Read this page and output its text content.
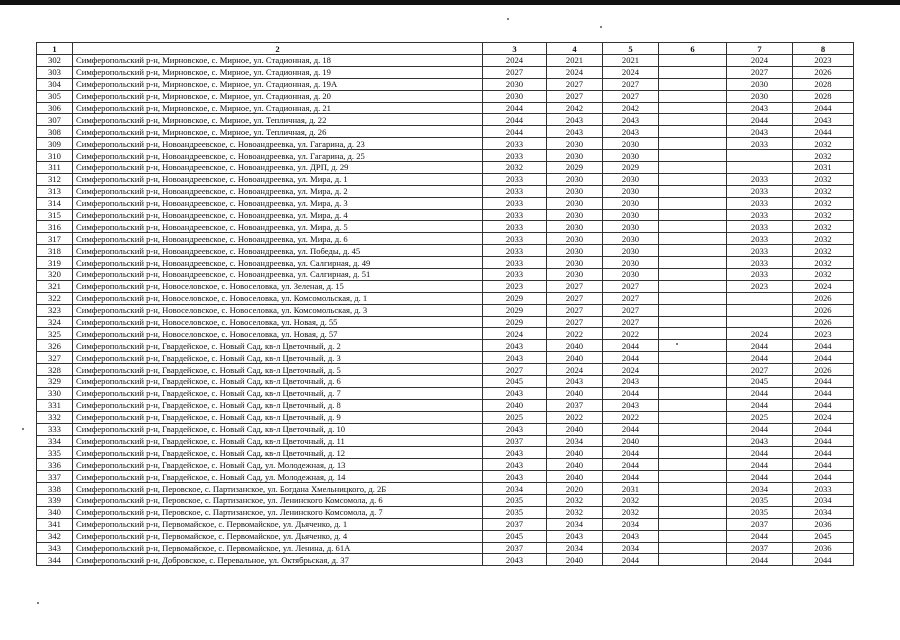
1	2	3	4	5	6	7	8
302	Симферопольский р-н, Мирновское, с. Мирное, ул. Стадионная, д. 18	2024	2021	2021		2024	2023
303	Симферопольский р-н, Мирновское, с. Мирное, ул. Стадионная, д. 19	2027	2024	2024		2027	2026
304	Симферопольский р-н, Мирновское, с. Мирное, ул. Стадионная, д. 19А	2030	2027	2027		2030	2028
305	Симферопольский р-н, Мирновское, с. Мирное, ул. Стадионная, д. 20	2030	2027	2027		2030	2028
306	Симферопольский р-н, Мирновское, с. Мирное, ул. Стадионная, д. 21	2044	2042	2042		2043	2044
307	Симферопольский р-н, Мирновское, с. Мирное, ул. Тепличная, д. 22	2044	2043	2043		2044	2043
308	Симферопольский р-н, Мирновское, с. Мирное, ул. Тепличная, д. 26	2044	2043	2043		2043	2044
309	Симферопольский р-н, Новоандреевское, с. Новоандреевка, ул. Гагарина, д. 23	2033	2030	2030		2033	2032
310	Симферопольский р-н, Новоандреевское, с. Новоандреевка, ул. Гагарина, д. 25	2033	2030	2030			2032
311	Симферопольский р-н, Новоандреевское, с. Новоандреевка, ул. ДРП, д. 29	2032	2029	2029			2031
312	Симферопольский р-н, Новоандреевское, с. Новоандреевка, ул. Мира, д. 1	2033	2030	2030		2033	2032
313	Симферопольский р-н, Новоандреевское, с. Новоандреевка, ул. Мира, д. 2	2033	2030	2030		2033	2032
314	Симферопольский р-н, Новоандреевское, с. Новоандреевка, ул. Мира, д. 3	2033	2030	2030		2033	2032
315	Симферопольский р-н, Новоандреевское, с. Новоандреевка, ул. Мира, д. 4	2033	2030	2030		2033	2032
316	Симферопольский р-н, Новоандреевское, с. Новоандреевка, ул. Мира, д. 5	2033	2030	2030		2033	2032
317	Симферопольский р-н, Новоандреевское, с. Новоандреевка, ул. Мира, д. 6	2033	2030	2030		2033	2032
318	Симферопольский р-н, Новоандреевское, с. Новоандреевка, ул. Победы, д. 45	2033	2030	2030		2033	2032
319	Симферопольский р-н, Новоандреевское, с. Новоандреевка, ул. Салгирная, д. 49	2033	2030	2030		2033	2032
320	Симферопольский р-н, Новоандреевское, с. Новоандреевка, ул. Салгирная, д. 51	2033	2030	2030		2033	2032
321	Симферопольский р-н, Новоселовское, с. Новоселовка, ул. Зеленая, д. 15	2023	2027	2027		2023	2024
322	Симферопольский р-н, Новоселовское, с. Новоселовка, ул. Комсомольская, д. 1	2029	2027	2027			2026
323	Симферопольский р-н, Новоселовское, с. Новоселовка, ул. Комсомольская, д. 3	2029	2027	2027			2026
324	Симферопольский р-н, Новоселовское, с. Новоселовка, ул. Новая, д. 55	2029	2027	2027			2026
325	Симферопольский р-н, Новоселовское, с. Новоселовка, ул. Новая, д. 57	2024	2022	2022		2024	2023
326	Симферопольский р-н, Гвардейское, с. Новый Сад, кв-л Цветочный, д. 2	2043	2040	2044		2044	2044
327	Симферопольский р-н, Гвардейское, с. Новый Сад, кв-л Цветочный, д. 3	2043	2040	2044		2044	2044
328	Симферопольский р-н, Гвардейское, с. Новый Сад, кв-л Цветочный, д. 5	2027	2024	2024		2027	2026
329	Симферопольский р-н, Гвардейское, с. Новый Сад, кв-л Цветочный, д. 6	2045	2043	2043		2045	2044
330	Симферопольский р-н, Гвардейское, с. Новый Сад, кв-л Цветочный, д. 7	2043	2040	2044		2044	2044
331	Симферопольский р-н, Гвардейское, с. Новый Сад, кв-л Цветочный, д. 8	2040	2037	2043		2044	2044
332	Симферопольский р-н, Гвардейское, с. Новый Сад, кв-л Цветочный, д. 9	2025	2022	2022		2025	2024
333	Симферопольский р-н, Гвардейское, с. Новый Сад, кв-л Цветочный, д. 10	2043	2040	2044		2044	2044
334	Симферопольский р-н, Гвардейское, с. Новый Сад, кв-л Цветочный, д. 11	2037	2034	2040		2043	2044
335	Симферопольский р-н, Гвардейское, с. Новый Сад, кв-л Цветочный, д. 12	2043	2040	2044		2044	2044
336	Симферопольский р-н, Гвардейское, с. Новый Сад, ул. Молодежная, д. 13	2043	2040	2044		2044	2044
337	Симферопольский р-н, Гвардейское, с. Новый Сад, ул. Молодежная, д. 14	2043	2040	2044		2044	2044
338	Симферопольский р-н, Перовское, с. Партизанское, ул. Богдана Хмельницкого, д. 2Б	2034	2020	2031		2034	2033
339	Симферопольский р-н, Перовское, с. Партизанское, ул. Ленинского Комсомола, д. 6	2035	2032	2032		2035	2034
340	Симферопольский р-н, Перовское, с. Партизанское, ул. Ленинского Комсомола, д. 7	2035	2032	2032		2035	2034
341	Симферопольский р-н, Первомайское, с. Первомайское, ул. Дьяченко, д. 1	2037	2034	2034		2037	2036
342	Симферопольский р-н, Первомайское, с. Первомайское, ул. Дьяченко, д. 4	2045	2043	2043		2044	2045
343	Симферопольский р-н, Первомайское, с. Первомайское, ул. Ленина, д. 61А	2037	2034	2034		2037	2036
344	Симферопольский р-н, Добровское, с. Перевальное, ул. Октябрьская, д. 37	2043	2040	2044		2044	2044
